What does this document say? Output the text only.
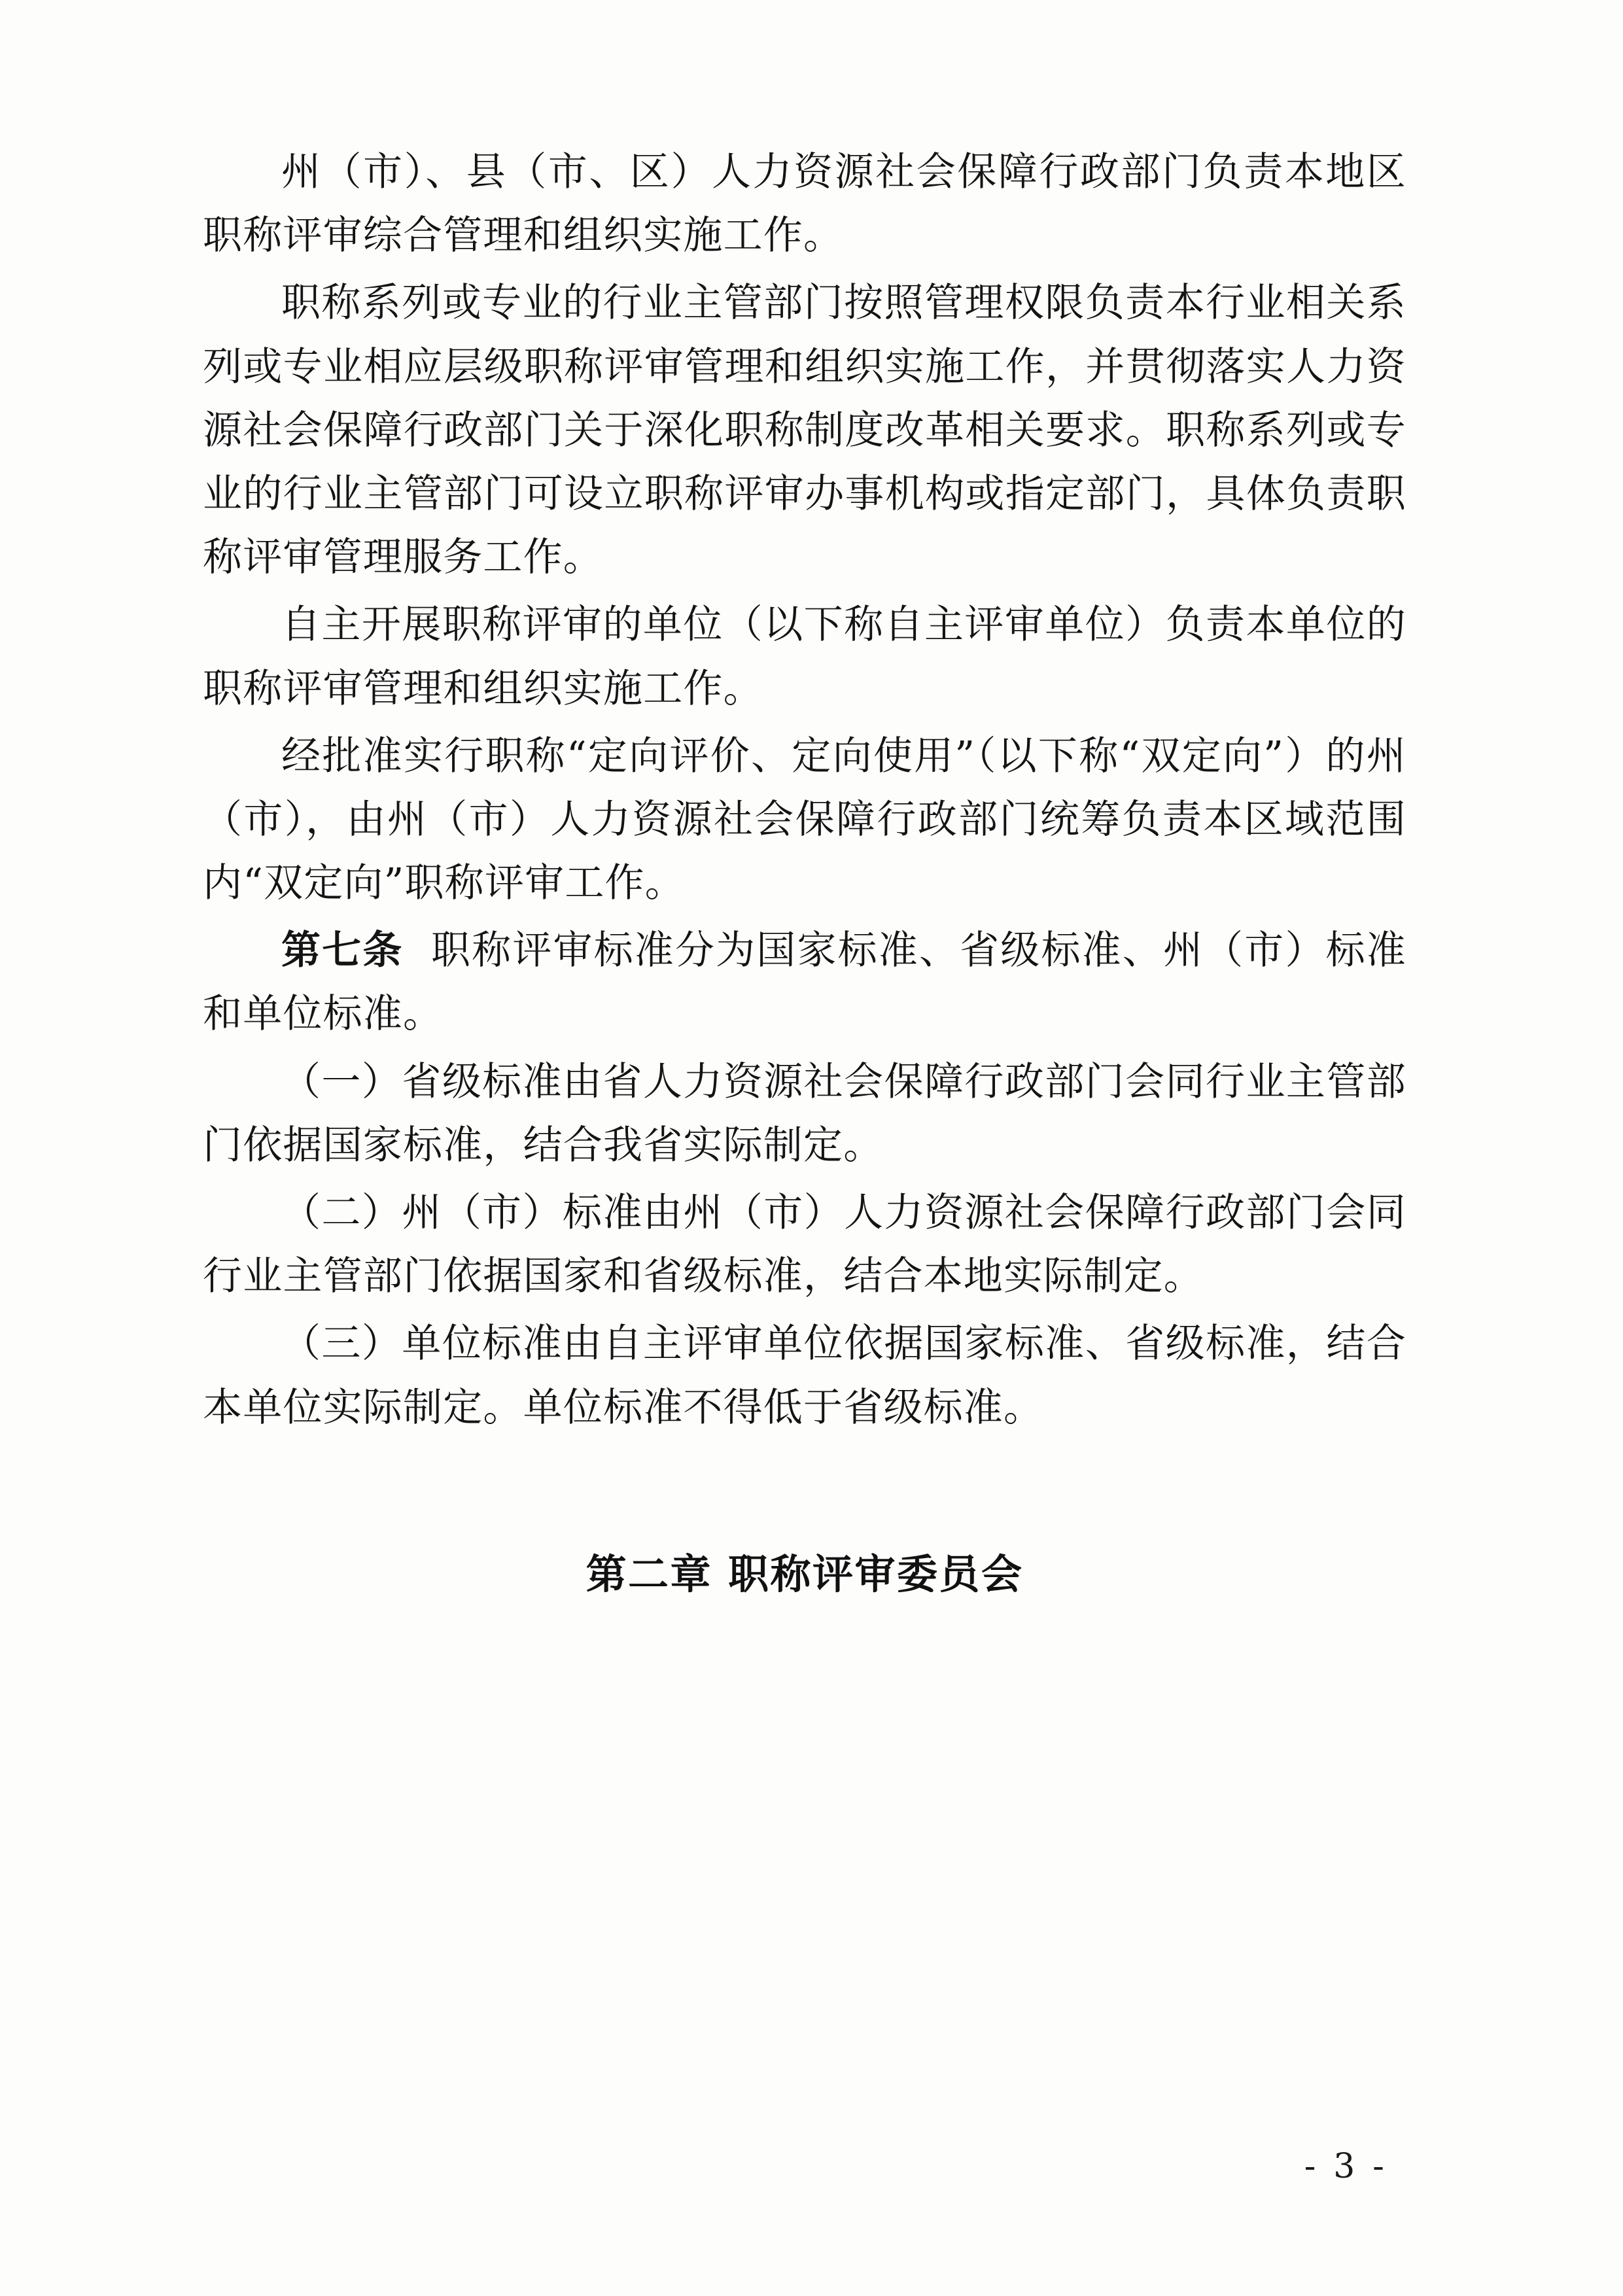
州（市）、县（市、区）人力资源社会保障行政部门负责本地区职称评审综合管理和组织实施工作。

职称系列或专业的行业主管部门按照管理权限负责本行业相关系列或专业相应层级职称评审管理和组织实施工作，并贯彻落实人力资源社会保障行政部门关于深化职称制度改革相关要求。职称系列或专业的行业主管部门可设立职称评审办事机构或指定部门，具体负责职称评审管理服务工作。

自主开展职称评审的单位（以下称自主评审单位）负责本单位的职称评审管理和组织实施工作。

经批准实行职称“定向评价、定向使用”（以下称“双定向”）的州（市），由州（市）人力资源社会保障行政部门统筹负责本区域范围内“双定向”职称评审工作。

第七条 职称评审标准分为国家标准、省级标准、州（市）标准和单位标准。

（一）省级标准由省人力资源社会保障行政部门会同行业主管部门依据国家标准，结合我省实际制定。

（二）州（市）标准由州（市）人力资源社会保障行政部门会同行业主管部门依据国家和省级标准，结合本地实际制定。

（三）单位标准由自主评审单位依据国家标准、省级标准，结合本单位实际制定。单位标准不得低于省级标准。

第二章 职称评审委员会
- 3 -
